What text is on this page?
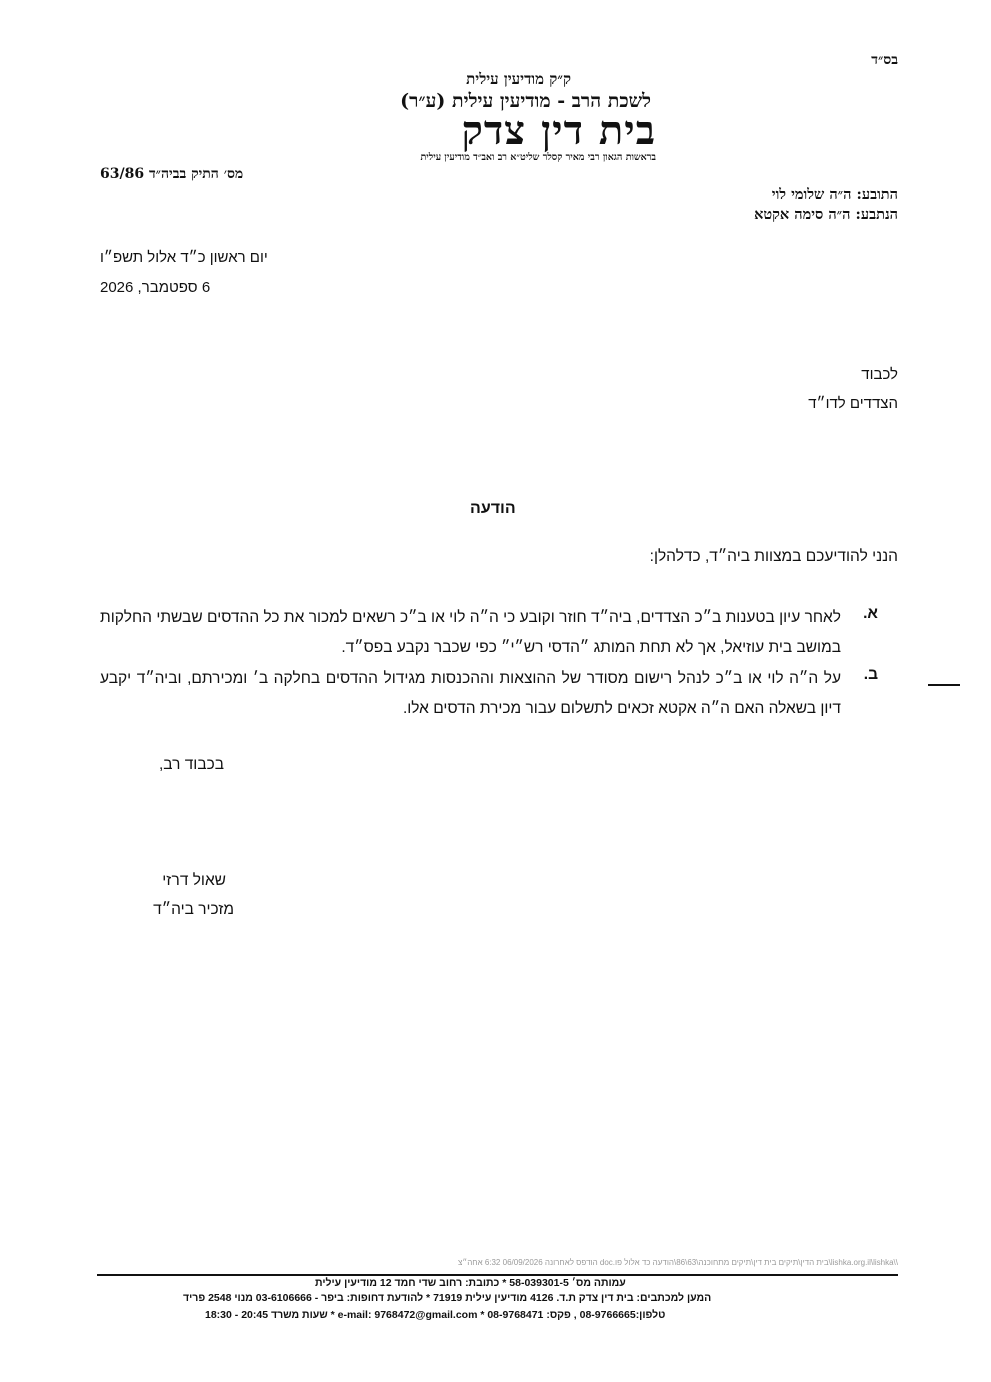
בס״ד
ק״ק מודיעין עילית
לשכת הרב - מודיעין עילית (ע״ר)
בית דין צדק
בראשות הגאון רבי מאיר קסלר שליט״א רב ואב״ד מודיעין עילית
מס׳ התיק בביה״ד 63/86
התובע: ה״ה שלומי לוי
הנתבע: ה״ה סימה אקטא
יום ראשון כ״ד אלול תשפ״ו
6 ספטמבר, 2026
לכבוד
הצדדים לדו״ד
הודעה
הנני להודיעכם במצוות ביה״ד, כדלהלן:
א.
לאחר עיון בטענות ב״כ הצדדים, ביה״ד חוזר וקובע כי ה״ה לוי או ב״כ רשאים למכור את כל ההדסים שבשתי החלקות במושב בית עוזיאל, אך לא תחת המותג ״הדסי רש״י״ כפי שכבר נקבע בפס״ד.
ב.
על ה״ה לוי או ב״כ לנהל רישום מסודר של ההוצאות וההכנסות מגידול ההדסים בחלקה ב׳ ומכירתם, וביה״ד יקבע דיון בשאלה האם ה״ה אקטא זכאים לתשלום עבור מכירת הדסים אלו.
בכבוד רב,
שאול דרזי
מזכיר ביה״ד
\\lishka.org.il\lishka\בית הדין\תיקים בית דין\תיקים מתחוכנה\63\86\הודעה כד אלול פו.doc הודפס לאחרונה 06/09/2026 6:32 אחה״צ
עמותה מס׳ 58-039301-5 * כתובת: רחוב שדי חמד 12 מודיעין עילית
המען למכתבים: בית דין צדק ת.ד. 4126 מודיעין עילית 71919 * להודעת דחופות: ביפר - 03-6106666 מנוי 2548 פריד
טלפון:08-9766665 , פקס: 08-9768471 * e-mail: 9768472@gmail.com * שעות משרד 20:45 - 18:30
